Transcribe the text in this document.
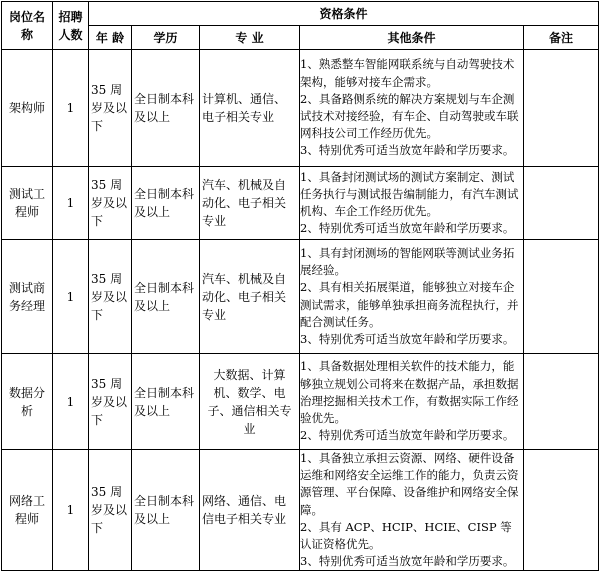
岗位名称	招聘人数	资格条件				
		年 龄	学历	专 业	其他条件	备注

架构师	1	35 周岁及以下	全日制本科及以上	计算机、通信、电子相关专业	1、熟悉整车智能网联系统与自动驾驶技术架构，能够对接车企需求。
2、具备路侧系统的解决方案规划与车企测试技术对接经验，有车企、自动驾驶或车联网科技公司工作经历优先。
3、特别优秀可适当放宽年龄和学历要求。	

测试工程师	1	35 周岁及以下	全日制本科及以上	汽车、机械及自动化、电子相关专业	1、具备封闭测试场的测试方案制定、测试任务执行与测试报告编制能力，有汽车测试机构、车企工作经历优先。
2、特别优秀可适当放宽年龄和学历要求。	

测试商务经理	1	35 周岁及以下	全日制本科及以上	汽车、机械及自动化、电子相关专业	1、具有封闭测场的智能网联等测试业务拓展经验。
2、具有相关拓展渠道，能够独立对接车企测试需求，能够单独承担商务流程执行，并配合测试任务。
3、特别优秀可适当放宽年龄和学历要求。	

数据分析	1	35 周岁及以下	全日制本科及以上	大数据、计算机、数学、电子、通信相关专业	1、具备数据处理相关软件的技术能力，能够独立规划公司将来在数据产品，承担数据治理挖掘相关技术工作，有数据实际工作经验优先。
2、特别优秀可适当放宽年龄和学历要求。	

网络工程师	1	35 周岁及以下	全日制本科及以上	网络、通信、电信电子相关专业	1、具备独立承担云资源、网络、硬件设备运维和网络安全运维工作的能力，负责云资源管理、平台保障、设备维护和网络安全保障。
2、具有 ACP、HCIP、HCIE、CISP 等认证资格优先。
3、特别优秀可适当放宽年龄和学历要求。	
